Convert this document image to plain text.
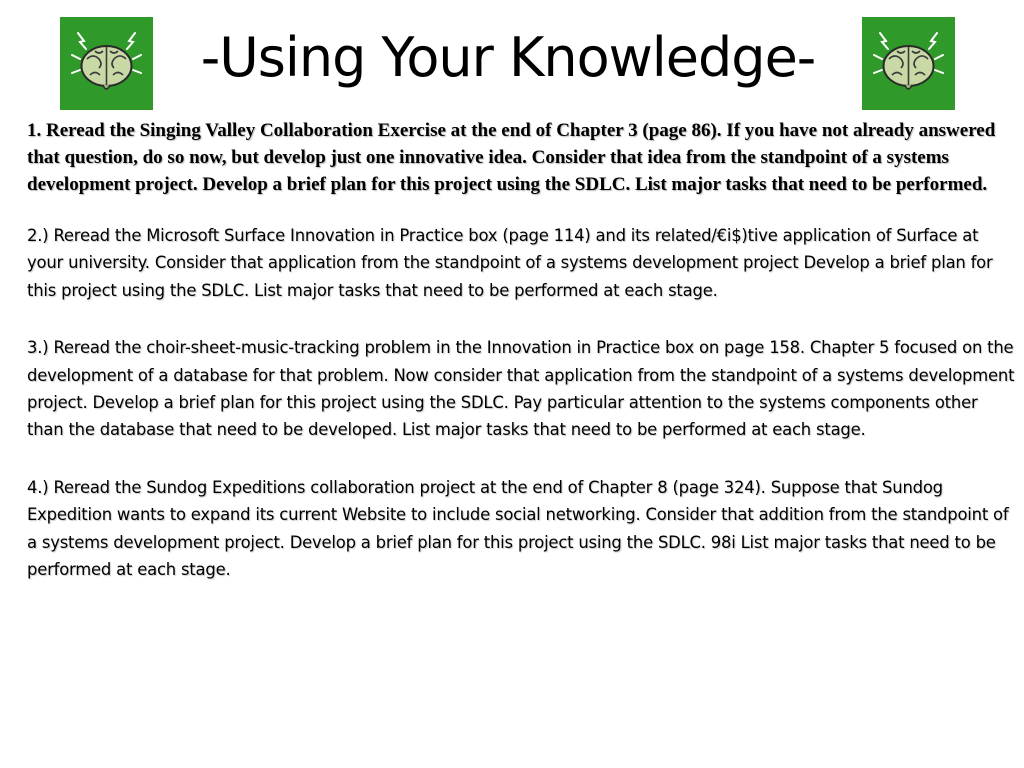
-Using Your Knowledge-

1. Reread the Singing Valley Collaboration Exercise at the end of Chapter 3 (page 86). If you have not already answered that question, do so now, but develop just one innovative idea. Consider that idea from the standpoint of a systems development project. Develop a brief plan for this project using the SDLC. List major tasks that need to be performed.

2.) Reread the Microsoft Surface Innovation in Practice box (page 114) and its related/€i$)tive application of Surface at your university. Consider that application from the standpoint of a systems development project Develop a brief plan for this project using the SDLC. List major tasks that need to be performed at each stage.

3.) Reread the choir-sheet-music-tracking problem in the Innovation in Practice box on page 158. Chapter 5 focused on the development of a database for that problem. Now consider that application from the standpoint of a systems development project. Develop a brief plan for this project using the SDLC. Pay particular attention to the systems components other than the database that need to be developed. List major tasks that need to be performed at each stage.

4.) Reread the Sundog Expeditions collaboration project at the end of Chapter 8 (page 324). Suppose that Sundog Expedition wants to expand its current Website to include social networking. Consider that addition from the standpoint of a systems development project. Develop a brief plan for this project using the SDLC. 98i List major tasks that need to be performed at each stage.
